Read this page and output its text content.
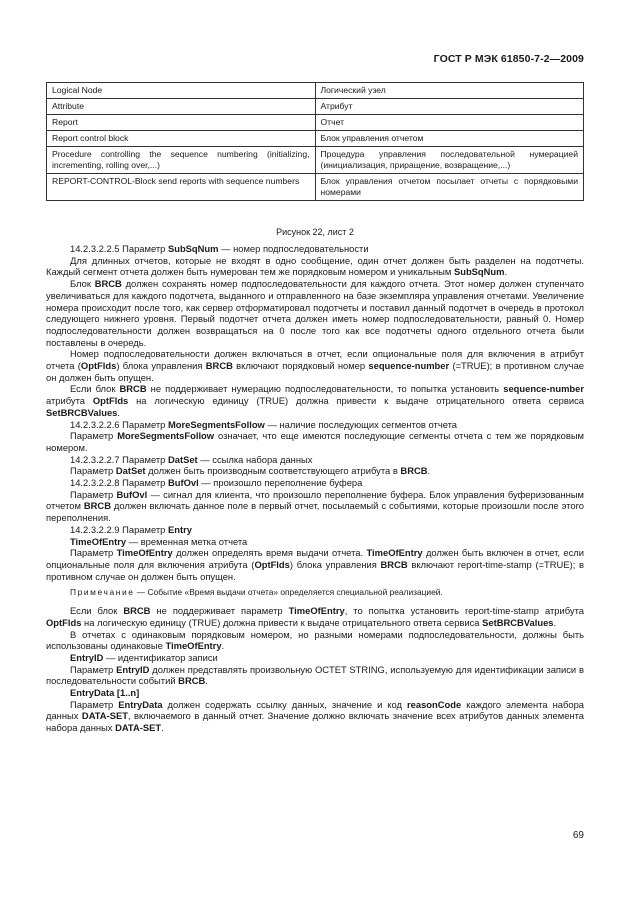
ГОСТ Р МЭК 61850-7-2—2009
Logical Node	Логический узел
Attribute	Атрибут
Report	Отчет
Report control block	Блок управления отчетом
Procedure controlling the sequence numbering (initializing, incrementing, rolling over,...)	Процедура управления последовательной нумерацией (инициализация, приращение, возвращение,...)
REPORT-CONTROL-Block send reports with sequence numbers	Блок управления отчетом посылает отчеты с порядковыми номерами
Рисунок 22, лист 2

14.2.3.2.2.5 Параметр SubSqNum — номер подпоследовательности

Для длинных отчетов, которые не входят в одно сообщение, один отчет должен быть разделен на подотчеты. Каждый сегмент отчета должен быть нумерован тем же порядковым номером и уникальным SubSqNum.

Блок BRCB должен сохранять номер подпоследовательности для каждого отчета. Этот номер должен ступенчато увеличиваться для каждого подотчета, выданного и отправленного на базе экземпляра управления отчетами. Увеличение номера происходит после того, как сервер отформатировал подотчеты и поставил данный подотчет в очередь в протокол следующего нижнего уровня. Первый подотчет отчета должен иметь номер подпоследовательности, равный 0. Номер подпоследовательности должен возвращаться на 0 после того как все подотчеты одного отдельного отчета были поставлены в очередь.

Номер подпоследовательности должен включаться в отчет, если опциональные поля для включения в атрибут отчета (OptFlds) блока управления BRCB включают порядковый номер sequence-number (=TRUE); в противном случае он должен быть опущен.

Если блок BRCB не поддерживает нумерацию подпоследовательности, то попытка установить sequence-number атрибута OptFlds на логическую единицу (TRUE) должна привести к выдаче отрицательного ответа сервиса SetBRCBValues.

14.2.3.2.2.6 Параметр MoreSegmentsFollow — наличие последующих сегментов отчета

Параметр MoreSegmentsFollow означает, что еще имеются последующие сегменты отчета с тем же порядковым номером.

14.2.3.2.2.7 Параметр DatSet — ссылка набора данных

Параметр DatSet должен быть производным соответствующего атрибута в BRCB.

14.2.3.2.2.8 Параметр BufOvl — произошло переполнение буфера

Параметр BufOvl — сигнал для клиента, что произошло переполнение буфера. Блок управления буферизованным отчетом BRCB должен включать данное поле в первый отчет, посылаемый с событиями, которые произошли после этого переполнения.

14.2.3.2.2.9 Параметр Entry

TimeOfEntry — временная метка отчета

Параметр TimeOfEntry должен определять время выдачи отчета. TimeOfEntry должен быть включен в отчет, если опциональные поля для включения атрибута (OptFlds) блока управления BRCB включают report-time-stamp (=TRUE); в противном случае он должен быть опущен.

Примечание — Событие «Время выдачи отчета» определяется специальной реализацией.

Если блок BRCB не поддерживает параметр TimeOfEntry, то попытка установить report-time-stamp атрибута OptFlds на логическую единицу (TRUE) должна привести к выдаче отрицательного ответа сервиса SetBRCBValues.

В отчетах с одинаковым порядковым номером, но разными номерами подпоследовательности, должны быть использованы одинаковые TimeOfEntry.

EntryID — идентификатор записи

Параметр EntryID должен представлять произвольную OCTET STRING, используемую для идентификации записи в последовательности событий BRCB.

EntryData [1..n]

Параметр EntryData должен содержать ссылку данных, значение и код reasonCode каждого элемента набора данных DATA-SET, включаемого в данный отчет. Значение должно включать значение всех атрибутов данных элемента набора данных DATA-SET.

69
